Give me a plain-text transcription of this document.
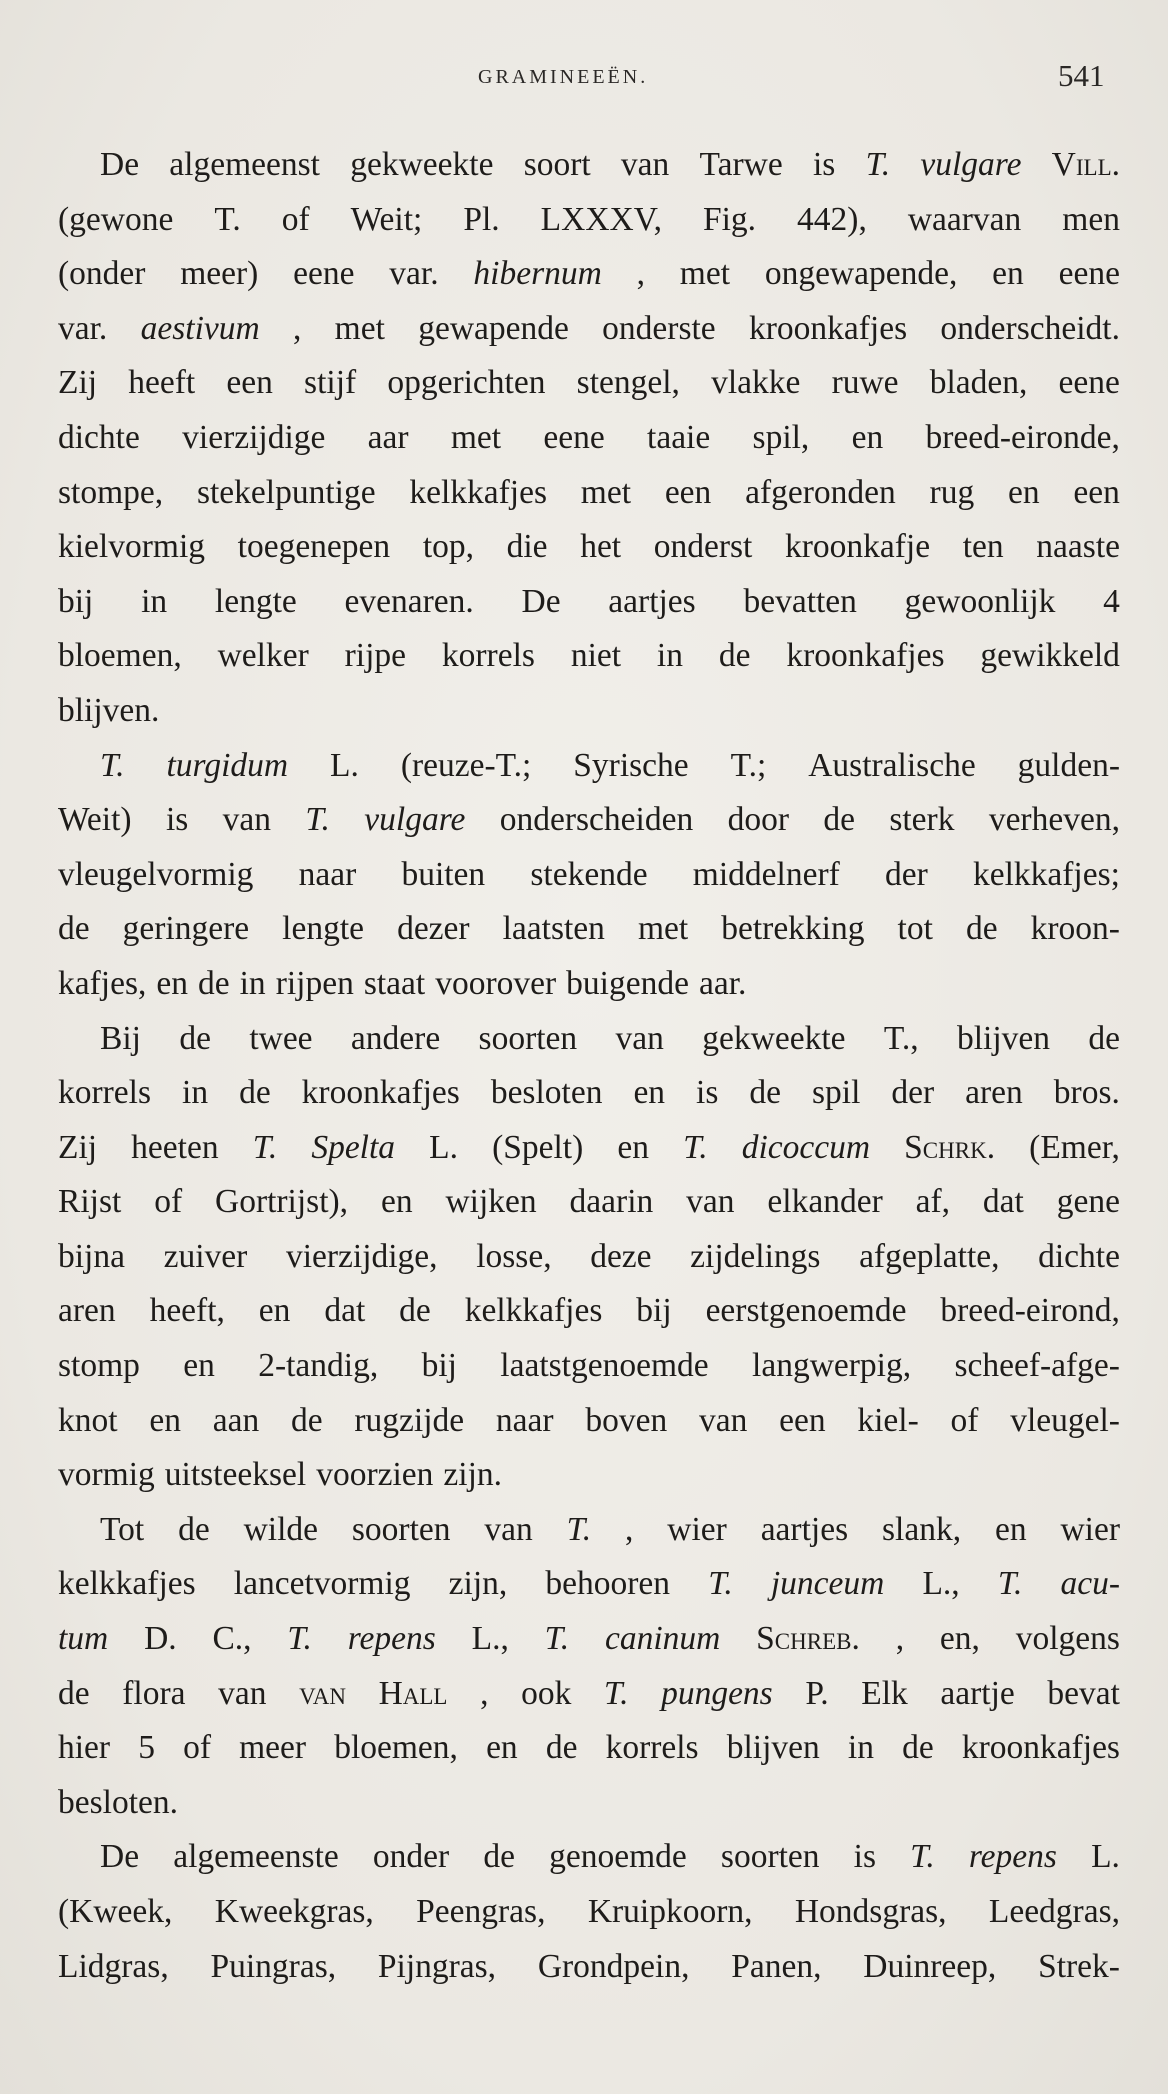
GRAMINEEËN.	541
De algemeenst gekweekte soort van Tarwe is T. vulgare Vill.
(gewone T. of Weit; Pl. LXXXV, Fig. 442), waarvan men
(onder meer) eene var. hibernum , met ongewapende, en eene
var. aestivum , met gewapende onderste kroonkafjes onderscheidt.
Zij heeft een stijf opgerichten stengel, vlakke ruwe bladen, eene
dichte vierzijdige aar met eene taaie spil, en breed-eironde,
stompe, stekelpuntige kelkkafjes met een afgeronden rug en een
kielvormig toegenepen top, die het onderst kroonkafje ten naaste
bij in lengte evenaren. De aartjes bevatten gewoonlijk 4
bloemen, welker rijpe korrels niet in de kroonkafjes gewikkeld
blijven.
T. turgidum L. (reuze-T.; Syrische T.; Australische gulden-
Weit) is van T. vulgare onderscheiden door de sterk verheven,
vleugelvormig naar buiten stekende middelnerf der kelkkafjes;
de geringere lengte dezer laatsten met betrekking tot de kroon-
kafjes, en de in rijpen staat voorover buigende aar.
Bij de twee andere soorten van gekweekte T., blijven de
korrels in de kroonkafjes besloten en is de spil der aren bros.
Zij heeten T. Spelta L. (Spelt) en T. dicoccum Schrk. (Emer,
Rijst of Gortrijst), en wijken daarin van elkander af, dat gene
bijna zuiver vierzijdige, losse, deze zijdelings afgeplatte, dichte
aren heeft, en dat de kelkkafjes bij eerstgenoemde breed-eirond,
stomp en 2-tandig, bij laatstgenoemde langwerpig, scheef-afge-
knot en aan de rugzijde naar boven van een kiel- of vleugel-
vormig uitsteeksel voorzien zijn.
Tot de wilde soorten van T. , wier aartjes slank, en wier
kelkkafjes lancetvormig zijn, behooren T. junceum L., T. acu-
tum D. C., T. repens L., T. caninum Schreb. , en, volgens
de flora van van Hall , ook T. pungens P. Elk aartje bevat
hier 5 of meer bloemen, en de korrels blijven in de kroonkafjes
besloten.
De algemeenste onder de genoemde soorten is T. repens L.
(Kweek, Kweekgras, Peengras, Kruipkoorn, Hondsgras, Leedgras,
Lidgras, Puingras, Pijngras, Grondpein, Panen, Duinreep, Strek-
